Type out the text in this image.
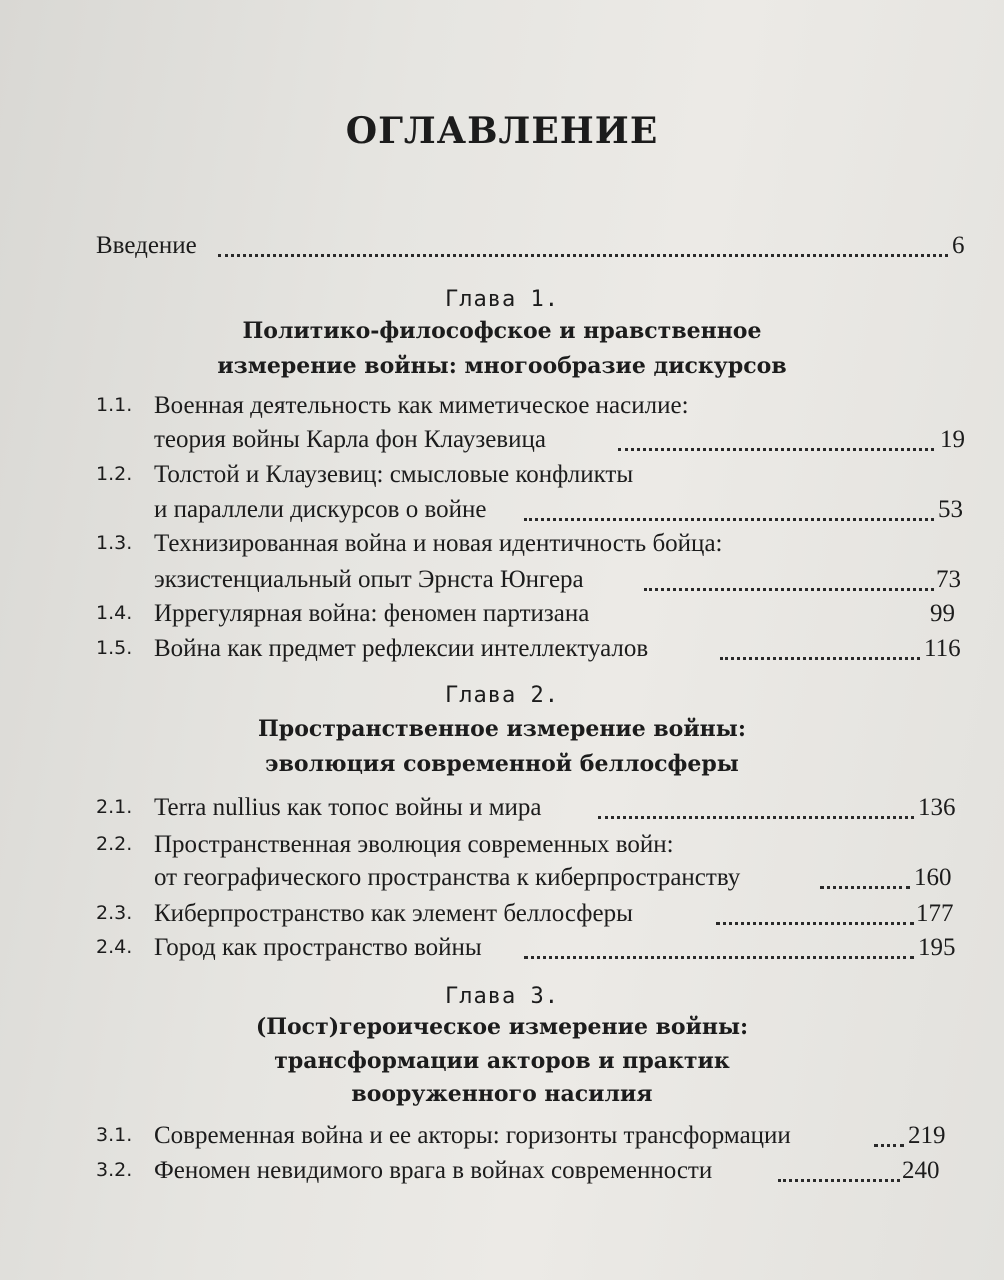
ОГЛАВЛЕНИЕ
Введение	6
Глава 1.
Политико-философское и нравственное
измерение войны: многообразие дискурсов
1.1. Военная деятельность как миметическое насилие:
теория войны Карла фон Клаузевица	19
1.2. Толстой и Клаузевиц: смысловые конфликты
и параллели дискурсов о войне	53
1.3. Технизированная война и новая идентичность бойца:
экзистенциальный опыт Эрнста Юнгера	73
1.4. Иррегулярная война: феномен партизана	99
1.5. Война как предмет рефлексии интеллектуалов	116
Глава 2.
Пространственное измерение войны:
эволюция современной беллосферы
2.1. Terra nullius как топос войны и мира	136
2.2. Пространственная эволюция современных войн:
от географического пространства к киберпространству	160
2.3. Киберпространство как элемент беллосферы	177
2.4. Город как пространство войны	195
Глава 3.
(Пост)героическое измерение войны:
трансформации акторов и практик
вооруженного насилия
3.1. Современная война и ее акторы: горизонты трансформации	219
3.2. Феномен невидимого врага в войнах современности	240
